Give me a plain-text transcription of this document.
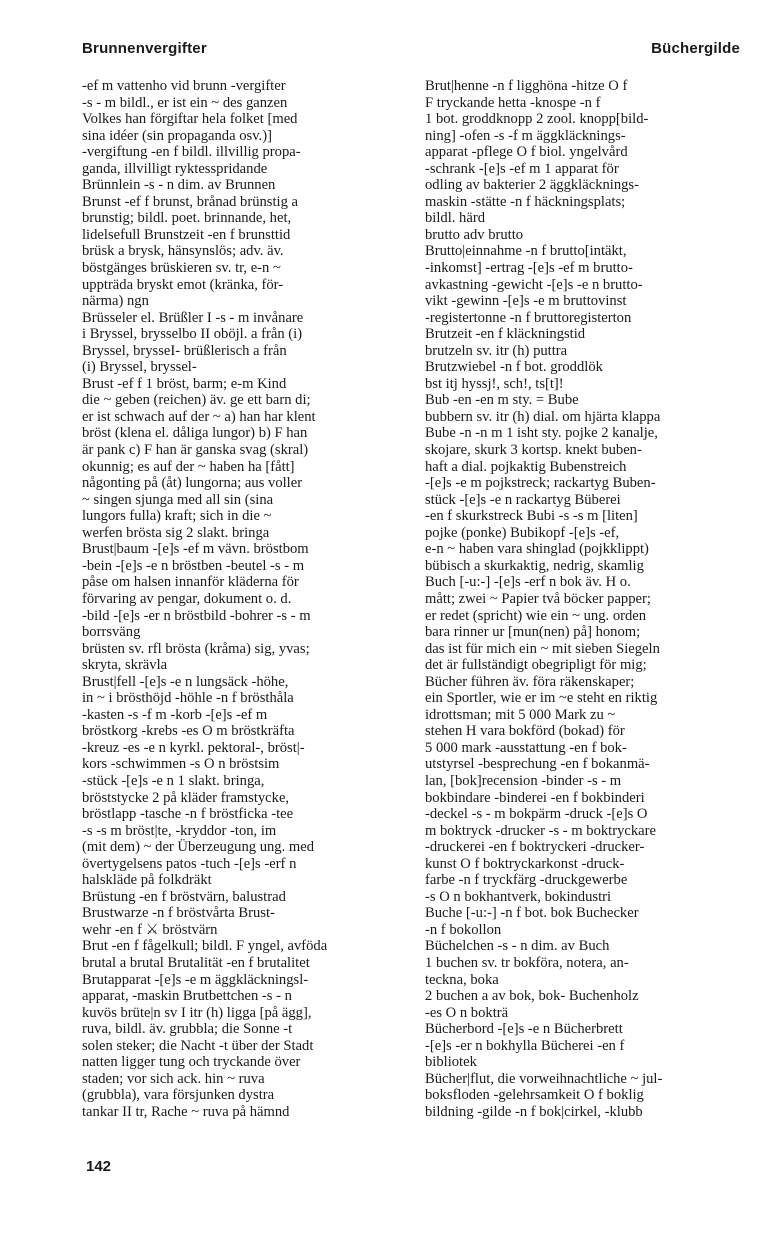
Brunnenvergifter	Büchergilde
-ef m vattenho vid brunn -vergifter
-s - m bildl., er ist ein ~ des ganzen
Volkes han förgiftar hela folket [med
sina idéer (sin propaganda osv.)]
-vergiftung -en f bildl. illvillig propa-
ganda, illvilligt ryktesspridande
Brünnlein -s - n dim. av Brunnen
Brunst -ef f brunst, brånad brünstig a
brunstig; bildl. poet. brinnande, het,
lidelsefull Brunstzeit -en f brunsttid
brüsk a brysk, hänsynslös; adv. äv.
böstgänges brüskieren sv. tr, e-n ~
uppträda bryskt emot (kränka, för-
närma) ngn
Brüsseler el. Brüßler I -s - m invånare
i Bryssel, brysselbo II oböjl. a från (i)
Bryssel, brysseI- brüßlerisch a från
(i) Bryssel, bryssel-
Brust -ef f 1 bröst, barm; e-m Kind
die ~ geben (reichen) äv. ge ett barn di;
er ist schwach auf der ~ a) han har klent
bröst (klena el. dåliga lungor) b) F han
är pank c) F han är ganska svag (skral)
okunnig; es auf der ~ haben ha [fått]
någonting på (åt) lungorna; aus voller
~ singen sjunga med all sin (sina
lungors fulla) kraft; sich in die ~
werfen brösta sig 2 slakt. bringa
Brust|baum -[e]s -ef m vävn. bröstbom
-bein -[e]s -e n bröstben -beutel -s - m
påse om halsen innanför kläderna för
förvaring av pengar, dokument o. d.
-bild -[e]s -er n bröstbild -bohrer -s - m
borrsväng
brüsten sv. rfl brösta (kråma) sig, yvas;
skryta, skrävla
Brust|fell -[e]s -e n lungsäck -höhe,
in ~ i brösthöjd -höhle -n f brösthåla
-kasten -s -f m -korb -[e]s -ef m
bröstkorg -krebs -es O m bröstkräfta
-kreuz -es -e n kyrkl. pektoral-, bröst|-
kors -schwimmen -s O n bröstsim
-stück -[e]s -e n 1 slakt. bringa,
bröststycke 2 på kläder framstycke,
bröstlapp -tasche -n f bröstficka -tee
-s -s m bröst|te, -kryddor -ton, im
(mit dem) ~ der Überzeugung ung. med
övertygelsens patos -tuch -[e]s -erf n
halskläde på folkdräkt
Brüstung -en f bröstvärn, balustrad
Brustwarze -n f bröstvårta Brust-
wehr -en f ⚔ bröstvärn
Brut -en f fågelkull; bildl. F yngel, avföda
brutal a brutal Brutalität -en f brutalitet
Brutapparat -[e]s -e m äggkläckningsl-
apparat, -maskin Brutbettchen -s - n
kuvös brüte|n sv I itr (h) ligga [på ägg],
ruva, bildl. äv. grubbla; die Sonne -t
solen steker; die Nacht -t über der Stadt
natten ligger tung och tryckande över
staden; vor sich ack. hin ~ ruva
(grubbla), vara försjunken dystra
tankar II tr, Rache ~ ruva på hämnd
Brut|henne -n f ligghöna -hitze O f
F tryckande hetta -knospe -n f
1 bot. groddknopp 2 zool. knopp[bild-
ning] -ofen -s -f m äggkläcknings-
apparat -pflege O f biol. yngelvård
-schrank -[e]s -ef m 1 apparat för
odling av bakterier 2 äggkläcknings-
maskin -stätte -n f häckningsplats;
bildl. härd
brutto adv brutto
Brutto|einnahme -n f brutto[intäkt,
-inkomst] -ertrag -[e]s -ef m brutto-
avkastning -gewicht -[e]s -e n brutto-
vikt -gewinn -[e]s -e m bruttovinst
-registertonne -n f bruttoregisterton
Brutzeit -en f kläckningstid
brutzeln sv. itr (h) puttra
Brutzwiebel -n f bot. groddlök
bst itj hyssj!, sch!, ts[t]!
Bub -en -en m sty. = Bube
bubbern sv. itr (h) dial. om hjärta klappa
Bube -n -n m 1 isht sty. pojke 2 kanalje,
skojare, skurk 3 kortsp. knekt buben-
haft a dial. pojkaktig Bubenstreich
-[e]s -e m pojkstreck; rackartyg Buben-
stück -[e]s -e n rackartyg Büberei
-en f skurkstreck Bubi -s -s m [liten]
pojke (ponke) Bubikopf -[e]s -ef,
e-n ~ haben vara shinglad (pojkklippt)
bübisch a skurkaktig, nedrig, skamlig
Buch [-u:-] -[e]s -erf n bok äv. H o.
mått; zwei ~ Papier två böcker papper;
er redet (spricht) wie ein ~ ung. orden
bara rinner ur [mun(nen) på] honom;
das ist für mich ein ~ mit sieben Siegeln
det är fullständigt obegripligt för mig;
Bücher führen äv. föra räkenskaper;
ein Sportler, wie er im ~e steht en riktig
idrottsman; mit 5 000 Mark zu ~
stehen H vara bokförd (bokad) för
5 000 mark -ausstattung -en f bok-
utstyrsel -besprechung -en f bokanmä-
lan, [bok]recension -binder -s - m
bokbindare -binderei -en f bokbinderi
-deckel -s - m bokpärm -druck -[e]s O
m boktryck -drucker -s - m boktryckare
-druckerei -en f boktryckeri -drucker-
kunst O f boktryckarkonst -druck-
farbe -n f tryckfärg -druckgewerbe
-s O n bokhantverk, bokindustri
Buche [-u:-] -n f bot. bok Buchecker
-n f bokollon
Büchelchen -s - n dim. av Buch
1 buchen sv. tr bokföra, notera, an-
teckna, boka
2 buchen a av bok, bok- Buchenholz
-es O n bokträ
Bücherbord -[e]s -e n Bücherbrett
-[e]s -er n bokhylla Bücherei -en f
bibliotek
Bücher|flut, die vorweihnachtliche ~ jul-
boksfloden -gelehrsamkeit O f boklig
bildning -gilde -n f bok|cirkel, -klubb
142
